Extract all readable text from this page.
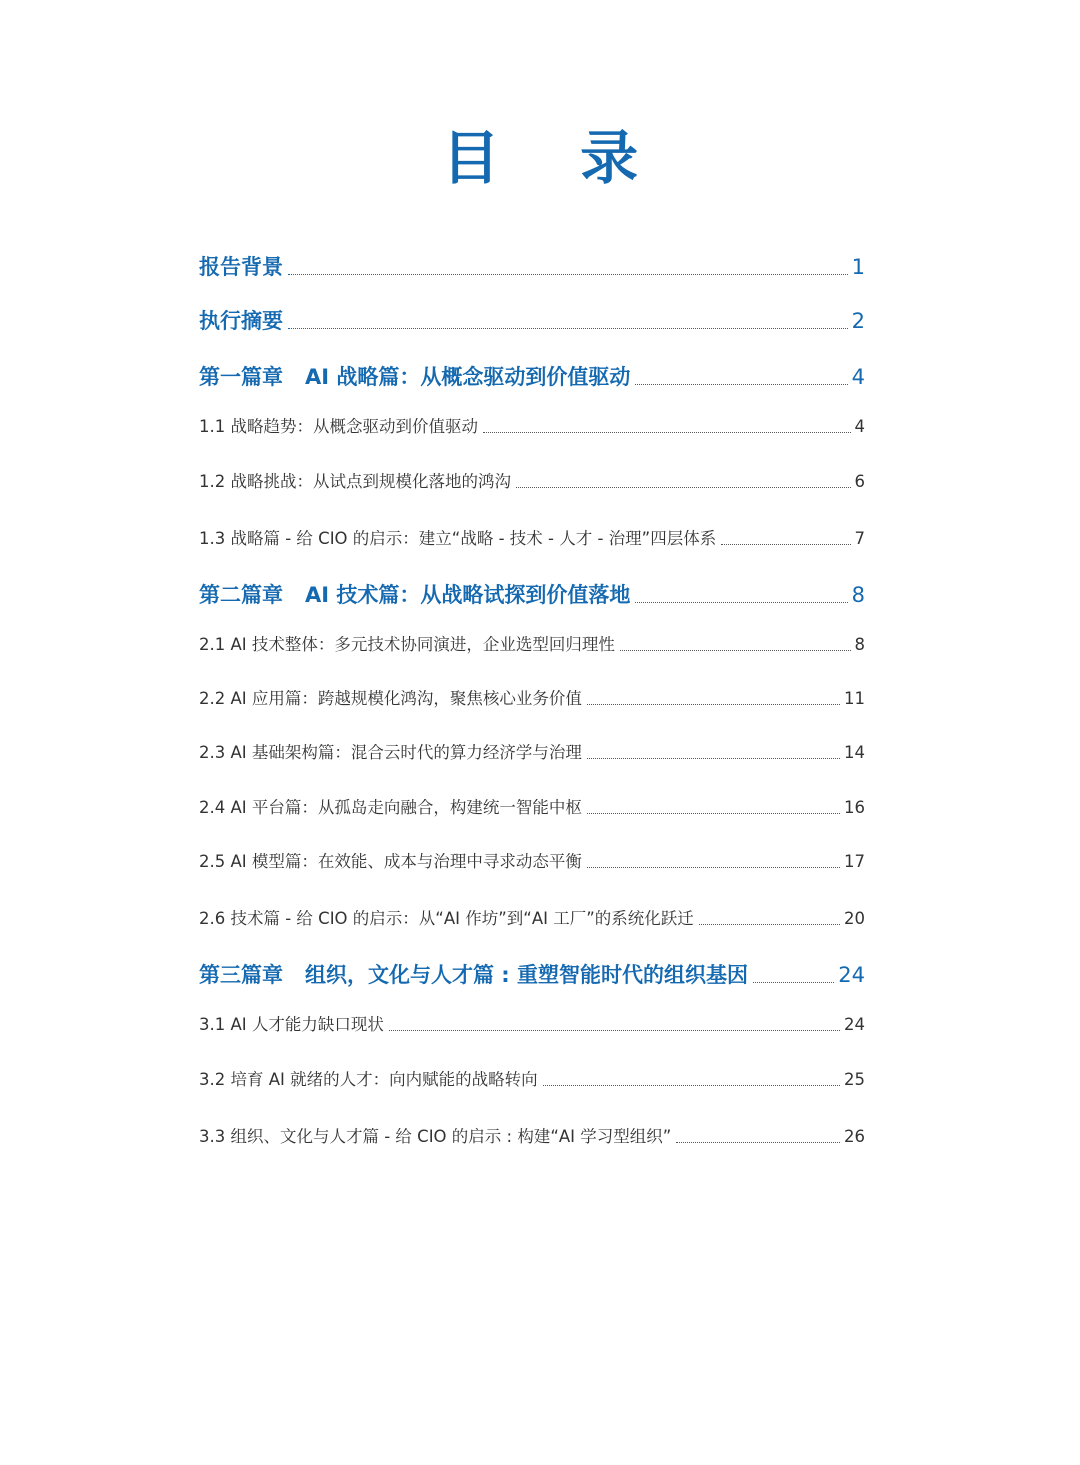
目 录
报告背景	1
执行摘要	2
第一篇章 AI 战略篇：从概念驱动到价值驱动	4
1.1 战略趋势：从概念驱动到价值驱动	4
1.2 战略挑战：从试点到规模化落地的鸿沟	6
1.3 战略篇 - 给 CIO 的启示：建立“战略 - 技术 - 人才 - 治理”四层体系	7
第二篇章 AI 技术篇：从战略试探到价值落地	8
2.1 AI 技术整体：多元技术协同演进，企业选型回归理性	8
2.2 AI 应用篇：跨越规模化鸿沟，聚焦核心业务价值	11
2.3 AI 基础架构篇：混合云时代的算力经济学与治理	14
2.4 AI 平台篇：从孤岛走向融合，构建统一智能中枢	16
2.5 AI 模型篇：在效能、成本与治理中寻求动态平衡	17
2.6 技术篇 - 给 CIO 的启示：从“AI 作坊”到“AI 工厂”的系统化跃迁	20
第三篇章 组织，文化与人才篇 : 重塑智能时代的组织基因	24
3.1 AI 人才能力缺口现状	24
3.2 培育 AI 就绪的人才：向内赋能的战略转向	25
3.3 组织、文化与人才篇 - 给 CIO 的启示 : 构建“AI 学习型组织”	26
